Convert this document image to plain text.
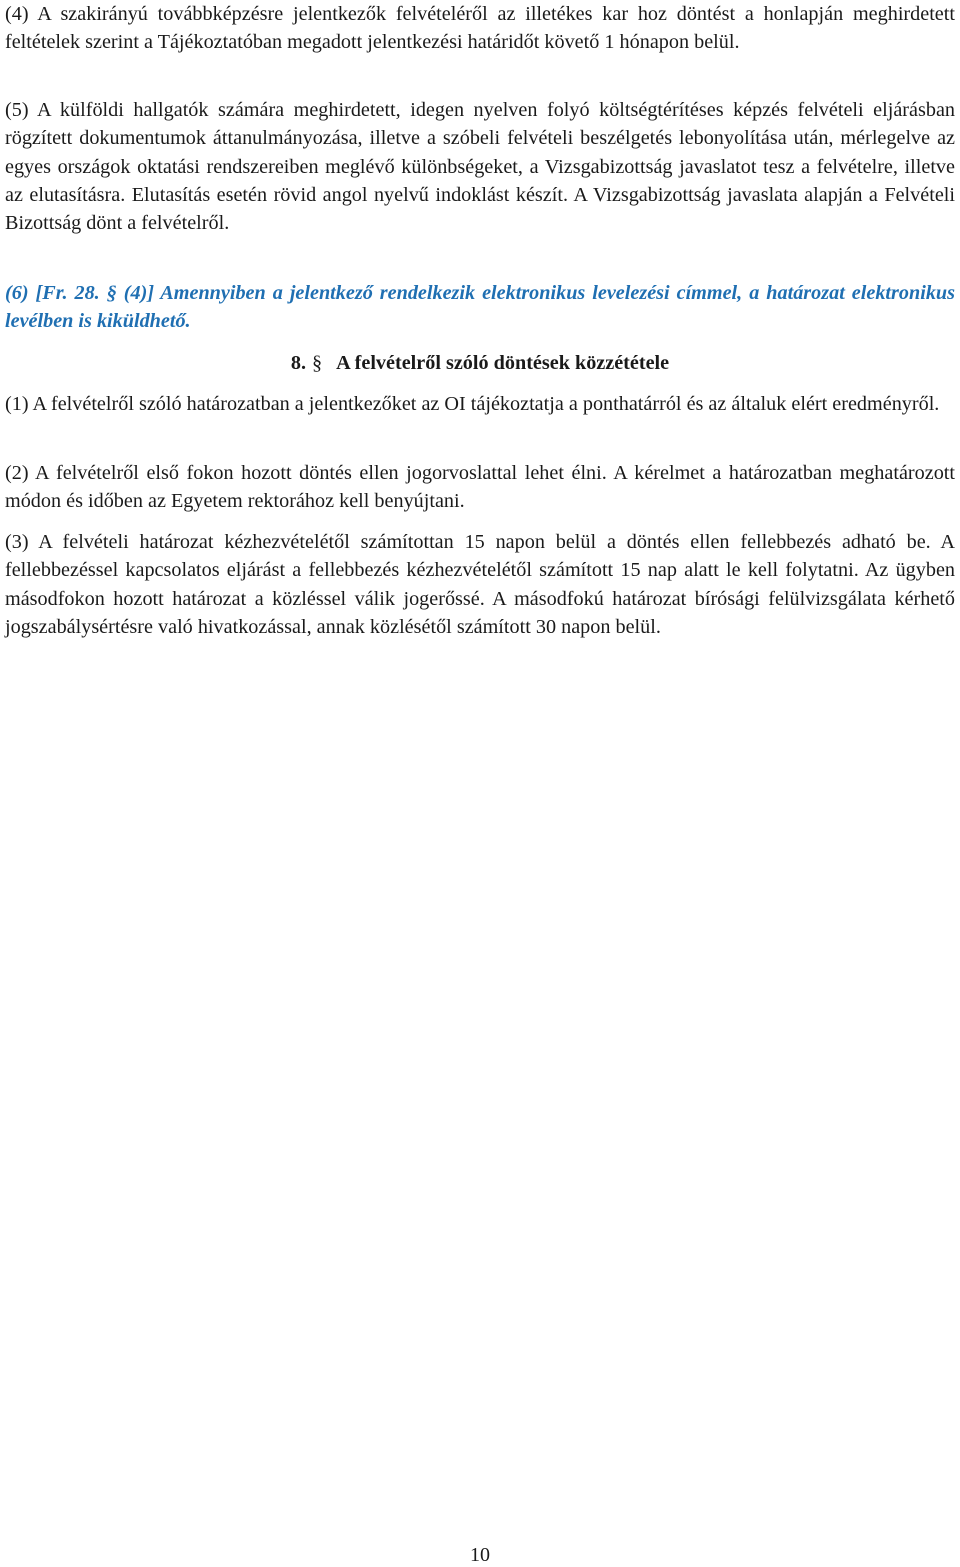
(4) A szakirányú továbbképzésre jelentkezők felvételéről az illetékes kar hoz döntést a honlapján meghirdetett feltételek szerint a Tájékoztatóban megadott jelentkezési határidőt követő 1 hónapon belül.

(5) A külföldi hallgatók számára meghirdetett, idegen nyelven folyó költségtérítéses képzés felvételi eljárásban rögzített dokumentumok áttanulmányozása, illetve a szóbeli felvételi beszélgetés lebonyolítása után, mérlegelve az egyes országok oktatási rendszereiben meglévő különbségeket, a Vizsgabizottság javaslatot tesz a felvételre, illetve az elutasításra. Elutasítás esetén rövid angol nyelvű indoklást készít. A Vizsgabizottság javaslata alapján a Felvételi Bizottság dönt a felvételről.

(6) [Fr. 28. § (4)] Amennyiben a jelentkező rendelkezik elektronikus levelezési címmel, a határozat elektronikus levélben is kiküldhető.

8. § A felvételről szóló döntések közzététele

(1) A felvételről szóló határozatban a jelentkezőket az OI tájékoztatja a ponthatárról és az általuk elért eredményről.

(2) A felvételről első fokon hozott döntés ellen jogorvoslattal lehet élni. A kérelmet a határozatban meghatározott módon és időben az Egyetem rektorához kell benyújtani.

(3) A felvételi határozat kézhezvételétől számítottan 15 napon belül a döntés ellen fellebbezés adható be. A fellebbezéssel kapcsolatos eljárást a fellebbezés kézhezvételétől számított 15 nap alatt le kell folytatni. Az ügyben másodfokon hozott határozat a közléssel válik jogerőssé. A másodfokú határozat bírósági felülvizsgálata kérhető jogszabálysértésre való hivatkozással, annak közlésétől számított 30 napon belül.

10
